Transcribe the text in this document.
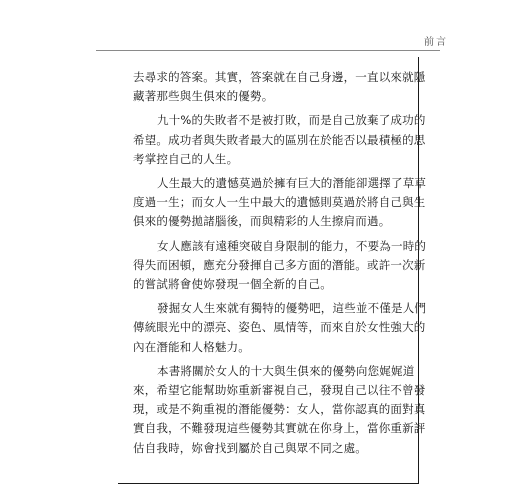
前言

去尋求的答案。其實，答案就在自己身邊，一直以來就隱
藏著那些與生俱來的優勢。

九十%的失敗者不是被打敗，而是自己放棄了成功的
希望。成功者與失敗者最大的區別在於能否以最積極的思
考掌控自己的人生。

人生最大的遺憾莫過於擁有巨大的潛能卻選擇了草草
度過一生；而女人一生中最大的遺憾則莫過於將自己與生
俱來的優勢拋諸腦後，而與精彩的人生擦肩而過。

女人應該有遠種突破自身限制的能力，不要為一時的
得失而困頓，應充分發揮自己多方面的潛能。或許一次新
的嘗試將會使妳發現一個全新的自己。

發掘女人生來就有獨特的優勢吧，這些並不僅是人們
傳統眼光中的漂亮、姿色、風情等，而來自於女性強大的
內在潛能和人格魅力。

本書將關於女人的十大與生俱來的優勢向您娓娓道
來，希望它能幫助妳重新審視自己，發現自己以往不曾發
現，或是不夠重視的潛能優勢：女人，當你認真的面對真
實自我，不難發現這些優勢其實就在你身上，當你重新評
估自我時，妳會找到屬於自己與眾不同之處。
